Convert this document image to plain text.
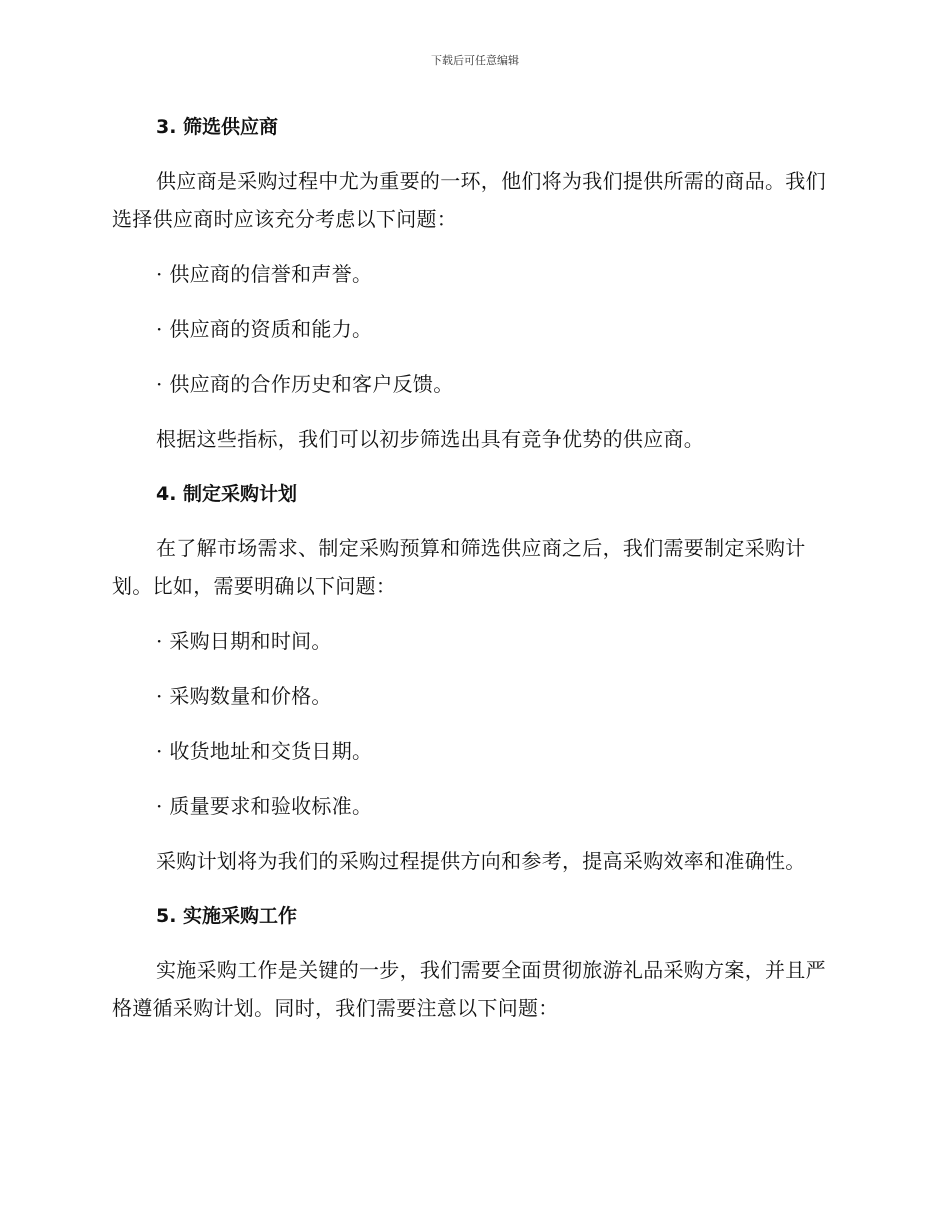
下载后可任意编辑
3. 筛选供应商
供应商是采购过程中尤为重要的一环，他们将为我们提供所需的商品。我们选择供应商时应该充分考虑以下问题：
· 供应商的信誉和声誉。
· 供应商的资质和能力。
· 供应商的合作历史和客户反馈。
根据这些指标，我们可以初步筛选出具有竞争优势的供应商。
4. 制定采购计划
在了解市场需求、制定采购预算和筛选供应商之后，我们需要制定采购计划。比如，需要明确以下问题：
· 采购日期和时间。
· 采购数量和价格。
· 收货地址和交货日期。
· 质量要求和验收标准。
采购计划将为我们的采购过程提供方向和参考，提高采购效率和准确性。
5. 实施采购工作
实施采购工作是关键的一步，我们需要全面贯彻旅游礼品采购方案，并且严格遵循采购计划。同时，我们需要注意以下问题：
